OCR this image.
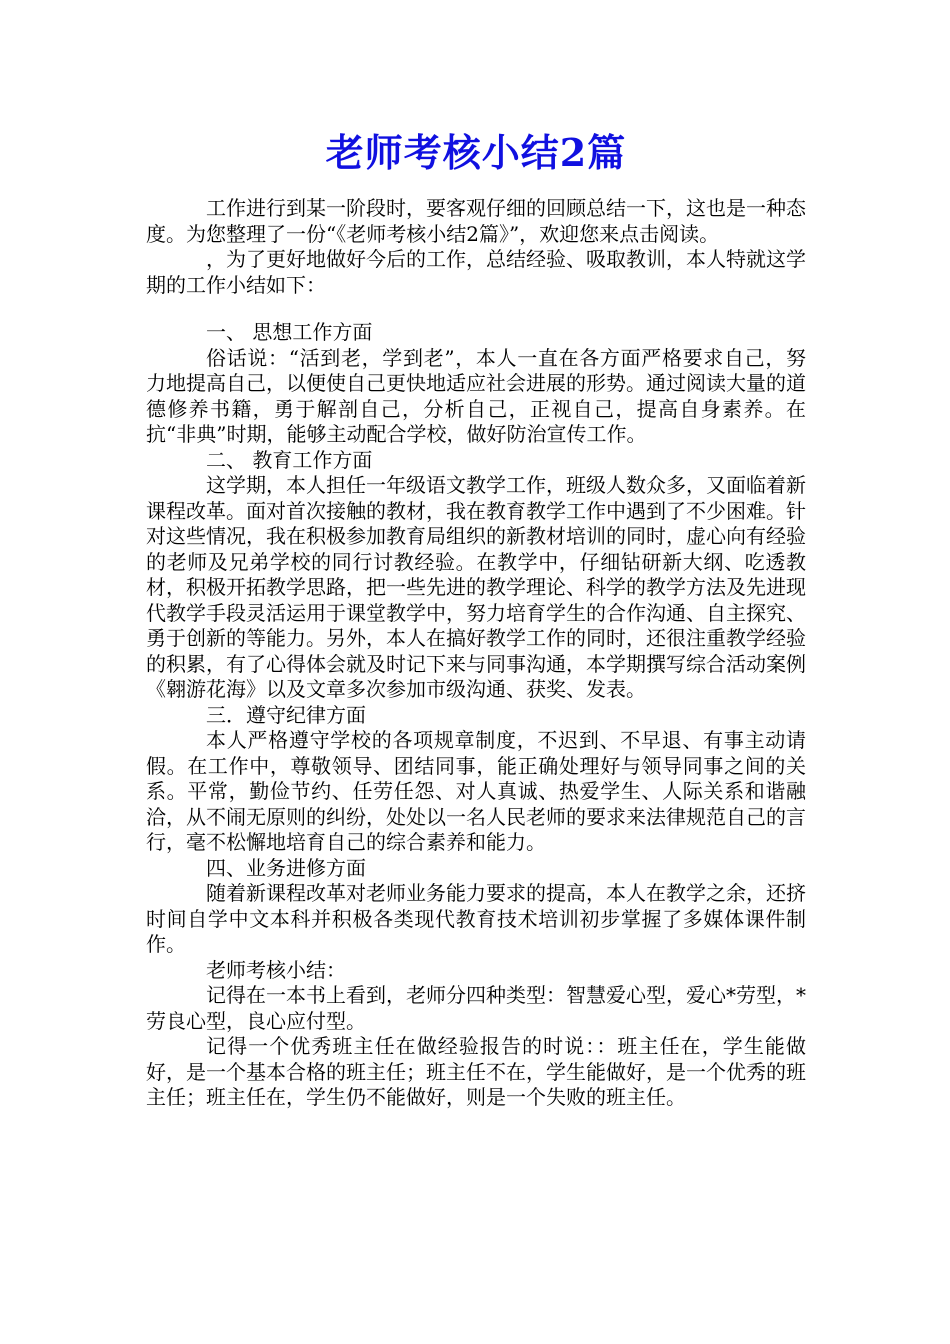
老师考核小结2篇

工作进行到某一阶段时，要客观仔细的回顾总结一下，这也是一种态度。为您整理了一份“《老师考核小结2篇》”，欢迎您来点击阅读。

，为了更好地做好今后的工作，总结经验、吸取教训，本人特就这学期的工作小结如下：

一、 思想工作方面

俗话说：“活到老，学到老”，本人一直在各方面严格要求自己，努力地提高自己，以便使自己更快地适应社会进展的形势。通过阅读大量的道德修养书籍，勇于解剖自己，分析自己，正视自己，提高自身素养。在抗“非典”时期，能够主动配合学校，做好防治宣传工作。

二、 教育工作方面

这学期，本人担任一年级语文教学工作，班级人数众多，又面临着新课程改革。面对首次接触的教材，我在教育教学工作中遇到了不少困难。针对这些情况，我在积极参加教育局组织的新教材培训的同时，虚心向有经验的老师及兄弟学校的同行讨教经验。在教学中，仔细钻研新大纲、吃透教材，积极开拓教学思路，把一些先进的教学理论、科学的教学方法及先进现代教学手段灵活运用于课堂教学中，努力培育学生的合作沟通、自主探究、勇于创新的等能力。另外，本人在搞好教学工作的同时，还很注重教学经验的积累，有了心得体会就及时记下来与同事沟通，本学期撰写综合活动案例《翱游花海》以及文章多次参加市级沟通、获奖、发表。

三．遵守纪律方面

本人严格遵守学校的各项规章制度，不迟到、不早退、有事主动请假。在工作中，尊敬领导、团结同事，能正确处理好与领导同事之间的关系。平常，勤俭节约、任劳任怨、对人真诚、热爱学生、人际关系和谐融洽，从不闹无原则的纠纷，处处以一名人民老师的要求来法律规范自己的言行，毫不松懈地培育自己的综合素养和能力。

四、业务进修方面

随着新课程改革对老师业务能力要求的提高，本人在教学之余，还挤时间自学中文本科并积极各类现代教育技术培训初步掌握了多媒体课件制作。

老师考核小结：

记得在一本书上看到，老师分四种类型：智慧爱心型，爱心*劳型，*劳良心型，良心应付型。

记得一个优秀班主任在做经验报告的时说：：班主任在，学生能做好，是一个基本合格的班主任；班主任不在，学生能做好，是一个优秀的班主任；班主任在，学生仍不能做好，则是一个失败的班主任。
